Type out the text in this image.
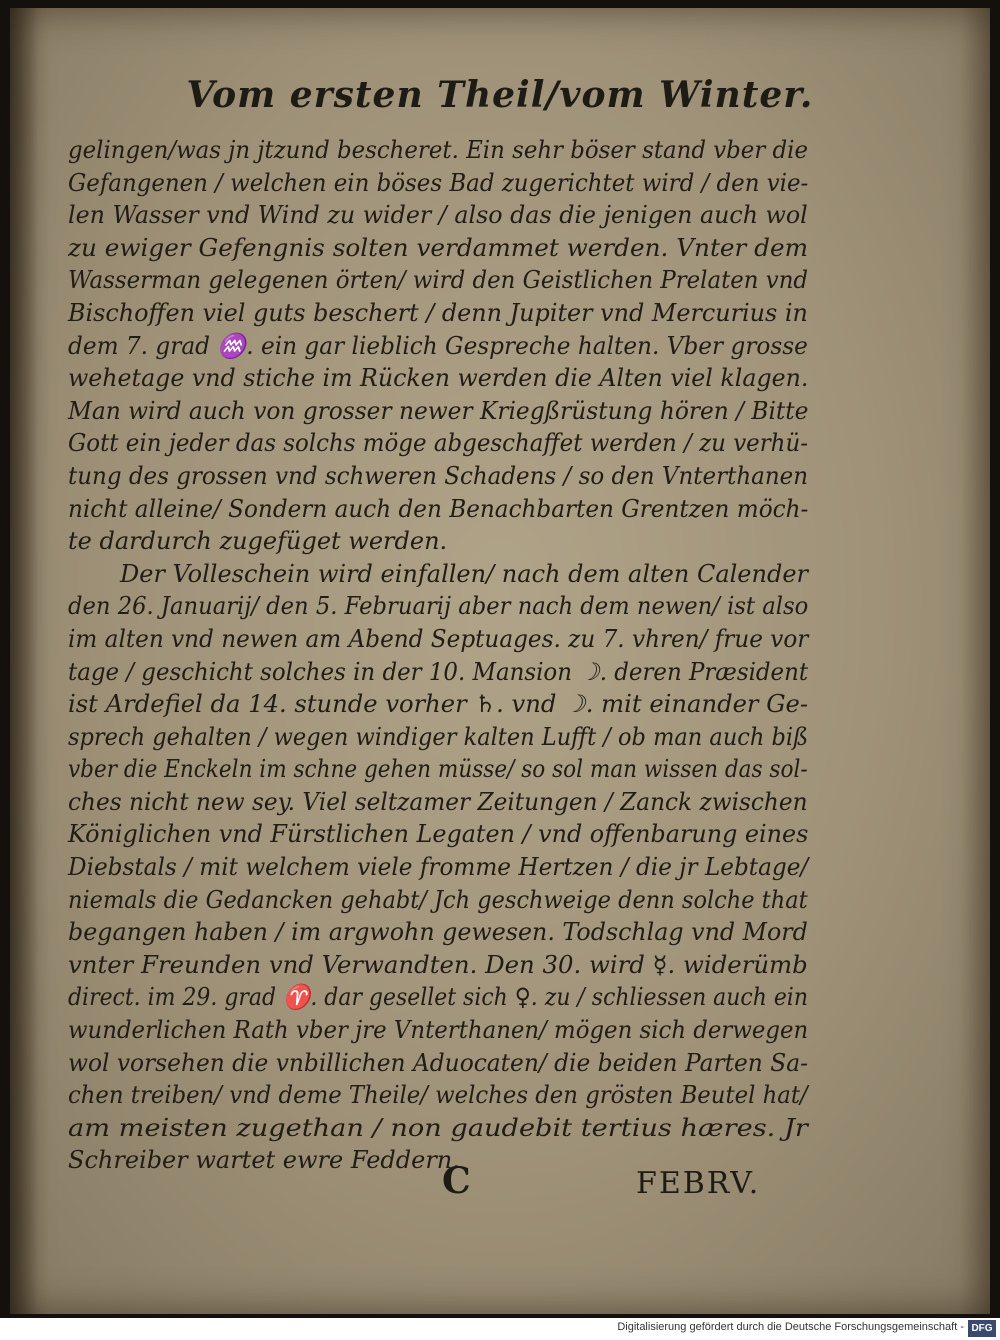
Vom ersten Theil/vom Winter.
gelingen/was jn jtzund bescheret. Ein sehr böser stand vber die
Gefangenen / welchen ein böses Bad zugerichtet wird / den vie-
len Wasser vnd Wind zu wider / also das die jenigen auch wol
zu ewiger Gefengnis solten verdammet werden. Vnter dem
Wasserman gelegenen örten/ wird den Geistlichen Prelaten vnd
Bischoffen viel guts beschert / denn Jupiter vnd Mercurius in
dem 7. grad ♒. ein gar lieblich Gespreche halten. Vber grosse
wehetage vnd stiche im Rücken werden die Alten viel klagen.
Man wird auch von grosser newer Kriegßrüstung hören / Bitte
Gott ein jeder das solchs möge abgeschaffet werden / zu verhü-
tung des grossen vnd schweren Schadens / so den Vnterthanen
nicht alleine/ Sondern auch den Benachbarten Grentzen möch-
te dardurch zugefüget werden.
Der Volleschein wird einfallen/ nach dem alten Calender
den 26. Januarij/ den 5. Februarij aber nach dem newen/ ist also
im alten vnd newen am Abend Septuages. zu 7. vhren/ frue vor
tage / geschicht solches in der 10. Mansion ☽. deren Præsident
ist Ardefiel da 14. stunde vorher ♄. vnd ☽. mit einander Ge-
sprech gehalten / wegen windiger kalten Lufft / ob man auch biß
vber die Enckeln im schne gehen müsse/ so sol man wissen das sol-
ches nicht new sey. Viel seltzamer Zeitungen / Zanck zwischen
Königlichen vnd Fürstlichen Legaten / vnd offenbarung eines
Diebstals / mit welchem viele fromme Hertzen / die jr Lebtage/
niemals die Gedancken gehabt/ Jch geschweige denn solche that
begangen haben / im argwohn gewesen. Todschlag vnd Mord
vnter Freunden vnd Verwandten. Den 30. wird ☿. widerümb
direct. im 29. grad ♈. dar gesellet sich ♀. zu / schliessen auch ein
wunderlichen Rath vber jre Vnterthanen/ mögen sich derwegen
wol vorsehen die vnbillichen Aduocaten/ die beiden Parten Sa-
chen treiben/ vnd deme Theile/ welches den grösten Beutel hat/
am meisten zugethan / non gaudebit tertius hæres. Jr
Schreiber wartet ewre Feddern.
C	FEBRV.
Digitalisierung gefördert durch die Deutsche Forschungsgemeinschaft - DFG
